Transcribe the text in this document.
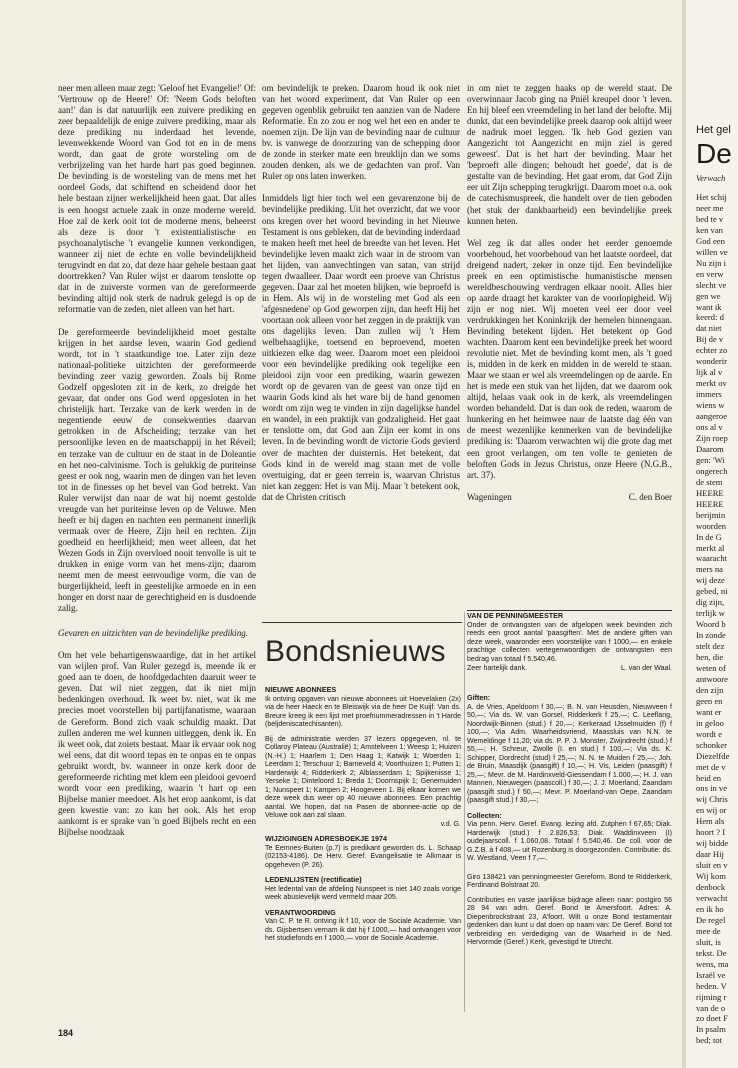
neer men alleen maar zegt: 'Geloof het Evangelie!' Of: 'Vertrouw op de Heere!' Of: 'Neem Gods beloften aan!' dan is dat natuurlijk een zuivere prediking en zeer bepaaldelijk de enige zuivere prediking, maar als deze prediking nu inderdaad het levende, levenwekkende Woord van God tot en in de mens wordt, dan gaat de grote worsteling om de verbrijzeling van het harde hart pas goed beginnen. De bevinding is de worsteling van de mens met het oordeel Gods, dat schiftend en scheidend door het hele bestaan zijner werkelijkheid heen gaat. Dat alles is een hoogst actuele zaak in onze moderne wereld. Hoe zal de kerk ooit tot de moderne mens, beheerst als deze is door 't existentialistische en psychoanalytische 't evangelie kunnen verkondigen, wanneer zij niet de echte en volle bevindelijkheid terugvindt en dat zo, dat deze haar gehele bestaan gaat doortrekken? Van Ruler wijst er daarom tenslotte op dat in de zuiverste vormen van de gereformeerde bevinding altijd ook sterk de nadruk gelegd is op de reformatie van de zeden, niet alleen van het hart.

De gereformeerde bevindelijkheid moet gestalte krijgen in het aardse leven, waarin God gediend wordt, tot in 't staatkundige toe. Later zijn deze nationaal-politieke uitzichten der gereformeerde bevinding zeer vazig geworden. Zoals bij Rome Godzelf opgesloten zit in de kerk, zo dreigde het gevaar, dat onder ons God werd opgesloten in het christelijk hart. Terzake van de kerk werden in de negentiende eeuw de consekwenties daarvan getrokken in de Afscheiding; terzake van het persoonlijke leven en de maatschappij in het Réveil; en terzake van de cultuur en de staat in de Doleantie en het neo-calvinisme. Toch is gelukkig de puriteinse geest er ook nog, waarin men de dingen van het leven tot in de finesses op het bevel van God betrekt. Van Ruler verwijst dan naar de wat hij noemt gestolde vreugde van het puriteinse leven op de Veluwe. Men heeft er bij dagen en nachten een permanent innerlijk vermaak over de Heere, Zijn heil en rechten. Zijn goedheid en heerlijkheid; men weet alleen, dat het Wezen Gods in Zijn overvloed nooit tenvolle is uit te drukken in enige vorm van het mens-zijn; daarom neemt men de meest eenvoudige vorm, die van de burgerlijkheid, leeft in geestelijke armoede en in een honger en dorst naar de gerechtigheid en is dusdoende zalig.

Gevaren en uitzichten van de bevindelijke prediking.

Om het vele behartigenswaardige, dat in het artikel van wijlen prof. Van Ruler gezegd is, meende ik er goed aan te doen, de hoofdgedachten daaruit weer te geven. Dat wil niet zeggen, dat ik niet mijn bedenkingen overhoud. Ik weet bv. niet, wat ik me precies moet voorstellen bij partijfanatisme, waaraan de Gereform. Bond zich vaak schuldig maakt. Dat zullen anderen me wel kunnen uitleggen, denk ik. En ik weet ook, dat zoiets bestaat. Maar ik ervaar ook nog wel eens, dat dit woord tepas en te onpas en te onpas gebruikt wordt, bv. wanneer in onze kerk door de gereformeerde richting met klem een pleidooi gevoerd wordt voor een prediking, waarin 't hart op een Bijbelse manier meedoet. Als het erop aankomt, is dat geen kwestie van: zo kan het ook. Als het erop aankomt is er sprake van 'n goed Bijbels recht en een Bijbelse noodzaak

om bevindelijk te preken. Daarom houd ik ook niet van het woord experiment, dat Van Ruler op een gegeven ogenblik gebruikt ten aanzien van de Nadere Reformatie. En zo zou er nog wel het een en ander te noemen zijn. De lijn van de bevinding naar de cultuur bv. is vanwege de doorzuring van de schepping door de zonde in sterker mate een breuklijn dan we soms zouden denken, als we de gedachten van prof. Van Ruler op ons laten inwerken.

Inmiddels ligt hier toch wel een gevarenzone bij de bevindelijke prediking. Uit het overzicht, dat we voor ons kregen over het woord bevinding in het Nieuwe Testament is ons gebleken, dat de bevinding inderdaad te maken heeft met heel de breedte van het leven. Het bevindelijke leven maakt zich waar in de stroom van het lijden, van aanvechtingen van satan, van strijd tegen dwaalleer. Daar wordt een proeve van Christus gegeven. Daar zal het moeten blijken, wie beproefd is in Hem. Als wij in de worsteling met God als een 'afgesnedene' op God geworpen zijn, dan heeft Hij het voortaan ook alleen voor het zeggen in de praktijk van ons dagelijks leven. Dan zullen wij 't Hem welbehaaglijke, toetsend en beproevend, moeten uitkiezen elke dag weer. Daarom moet een pleidooi voor een bevindelijke prediking ook tegelijke een pleidooi zijn voor een prediking, waarin gewezen wordt op de gevaren van de geest van onze tijd en waarin Gods kind als het ware bij de hand genomen wordt om zijn weg te vinden in zijn dagelijkse handel en wandel, in een praktijk van godzaligheid. Het gaat er tenslotte om, dat God aan Zijn eer komt in ons leven. In de bevinding wordt de victorie Gods gevierd over de machten der duisternis. Het betekent, dat Gods kind in de wereld mag staan met de volle overtuiging, dat er geen terrein is, waarvan Christus niet kan zeggen: Het is van Mij. Maar 't betekent ook, dat de Christen critisch

in om niet te zeggen haaks op de wereld staat. De overwinnaar Jacob ging na Pniël kreupel door 't leven. En hij bleef een vreemdeling in het land der belofte. Mij dunkt, dat een bevindelijke preek daarop ook altijd weer de nadruk moet leggen. 'Ik heb God gezien van Aangezicht tot Aangezicht en mijn ziel is gered geweest'. Dat is het hart der bevinding. Maar het 'beproeft alle dingen; behoudt het goede', dat is de gestalte van de bevinding. Het gaat erom, dat God Zijn eer uit Zijn schepping terugkrijgt. Daarom moet o.a. ook de catechismuspreek, die handelt over de tien geboden (het stuk der dankbaarheid) een bevindelijke preek kunnen heten.

Wel zeg ik dat alles onder het eerder genoemde voorbehoud, het voorbehoud van het laatste oordeel, dat dreigend nadert, zeker in onze tijd. Een bevindelijke preek en een optimistische humanistische mensen wereldbeschouwing verdragen elkaar nooit. Alles hier op aarde draagt het karakter van de voorlopigheid. Wij zijn er nog niet. Wij moeten veel eer door veel verdrukkingen het Koninkrijk der hemelen binnengaan. Bevinding betekent lijden. Het betekent op God wachten. Daarom kent een bevindelijke preek het woord revolutie niet. Met de bevinding komt men, als 't goed is, midden in de kerk en midden in de wereld te staan. Maar we staan er wel als vreemdelingen op de aarde. En het is mede een stuk van het lijden, dat we daarom ook altijd, helaas vaak ook in de kerk, als vreemdelingen worden behandeld. Dat is dan ook de reden, waarom de hunkering en het heimwee naar de laatste dag één van de meest wezenlijke kenmerken van de bevindelijke prediking is: 'Daarom verwachten wij die grote dag met een groot verlangen, om ten volle te genieten de beloften Gods in Jezus Christus, onze Heere (N.G.B., art. 37).

Wageningen	C. den Boer
Bondsnieuws
NIEUWE ABONNEES

Ik ontving opgaven van nieuwe abonnees uit Hoevelaken (2x) via de heer Haeck en te Bleiswijk via de heer De Kuijf. Van ds. Breure kreeg ik een lijst met proefnummeradressen in 't Harde (beljdeniscatechisanten).

Bij de administratie werden 37 lezers opgegeven, nl. te Collaroy Plateau (Australië) 1; Amstelveen 1; Weesp 1; Huizen (N.-H.) 1; Haarlem 1; Den Haag 1; Katwijk 1; Woerden 1; Leerdam 1; Terschuur 1; Barneveld 4; Voorthuizen 1; Putten 1; Harderwijk 4; Ridderkerk 2; Alblasserdam 1; Spijkenisse 1; Yerseke 1; Dinteloord 1; Breda 1; Doornspijk 1; Genemuiden 1; Nunspeet 1; Kampen 2; Hoogeveen 1. Bij elkaar komen we deze week dus weer op 40 nieuwe abonnees. Een prachtig aantal. We hopen, dat na Pasen de abonnee-actie op de Veluwe ook aan zal slaan.

v.d. G.

WIJZIGINGEN ADRESBOEKJE 1974

Te Eemnes-Buiten (p.7) is predikant geworden ds. L. Schaap (02153-4186). De Herv. Geref. Evangelisatie te Alkmaar is opgeheven (P. 26).

LEDENLIJSTEN (rectificatie)

Het ledental van de afdeling Nunspeet is niet 140 zoals vorige week abusievelijk werd vermeld maar 205.

VERANTWOORDING

Van C. P. te R. ontving ik f 10, voor de Sociale Academie. Van ds. Gijsbertsen vernam ik dat hij f 1000,— had ontvangen voor het studiefonds en f 1000,— voor de Sociale Academie.

VAN DE PENNINGMEESTER

Onder de ontvangsten van de afgelopen week bevinden zich reeds een groot aantal 'paasgiften'. Met de andere giften van deze week, waaronder een voorstelijke van f 1000,— en enkele prachtige collecten vertegenwoordigen de ontvangsten een bedrag van totaal f 5.540,46.

Zeer hartelijk dank.	L. van der Waal.
Giften:

A. de Vries, Apeldoorn f 30,—; B. N. van Heusden, Nieuwveen f 50,—; Via ds. W. van Gorsel, Ridderkerk f 25,—; C. Leeflang, Noordwijk-Binnen (stud.) f 20,—; Kerkeraad IJsselmuiden (f) f 100,—; Via Adm. Waarheidsvriend, Maassluis van N.N. te Wemeldinge f 11,20; via ds. P. P. J. Monster, Zwijndrecht (stud.) f 55,—; H. Schreur, Zwolle (I. en stud.) f 100,—; Via ds. K. Schipper, Dordrecht (stud) f 25,—; N. N. te Muiden f 25,—; Joh. de Bruin, Maasdijk (paasgift) f 10,—; H. Vis, Leiden (paasgift) f 25,—; Mevr. de M. Hardinxveld-Giessendam f 1.000,—; H. J. van Mannen, Nieuwegen (paascoll.) f 30,—; J. J. Moerland, Zaandam (paasgift stud.) f 50,—; Mevr. P. Moerland-van Oepe, Zaandam (paasgift stud.) f 30,—;

Collecten:

Via penn. Herv. Geref. Evang. lezing afd. Zutphen f 67,65; Diak. Harderwijk (stud.) f 2.826,53; Diak. Waddinxveen (I) oudejaarscoll. f 1.060,08. Totaal f 5.540,46. De coll. voor de G.Z.B. à f 408,— uit Rozenburg is doorgezonden. Contributie: ds. W. Westland, Veen f 7,—.

Giro 138421 van penningmeester Gereform. Bond te Ridderkerk, Ferdinand Bolstraat 20.

Contributies en vaste jaarlijkse bijdrage alleen naar: postgiro 56 28 94 van adm. Geref. Bond te Amersfoort. Adres: A. Diepenbrockstraat 23, A'foort. Wilt u onze Bond testamentair gedenken dan kunt u dat doen op naam van: De Geref. Bond tot verbreiding en verdediging van de Waarheid in de Ned. Hervormde (Geref.) Kerk, gevestigd te Utrecht.

184
Het gel
De
Verwach
Het schij
neer me
bed te v
ken van
God een
willen ve
Nu zijn i
en verw
slecht ve
gen we
want ik
keerd: d
dat niet
Bij de v
echter zo
wonderir
lijk al v
merkt ov
immers
wiens w
aangeroe
ons al v
Zijn roep
Daarom
gen: 'Wi
ongerech
de stem
HEERE
HEERE
berijmin
woorden
In de G
merkt al
waaracht
mers na
wij deze
gebed, ni
dig zijn,
terlijk w
Woord b
In zonde
stelt dez
hen, die
weten of
antwoore
den zijn
geen en
want er
in geloo
wordt e
schonker
Diezelfde
met de v
heid en
ons in ve
wij Chris
en wij or
Hem als
hoort ? I
wij bidde
daar Hij
sluit en v
Wij kom
denbock
verwacht
en ik ho
De regel
mee de
sluit, is
tekst. De
wens, ma
Israël ve
heden. V
rijming r
van de o
zo doet F
In psalm
bed; tot
